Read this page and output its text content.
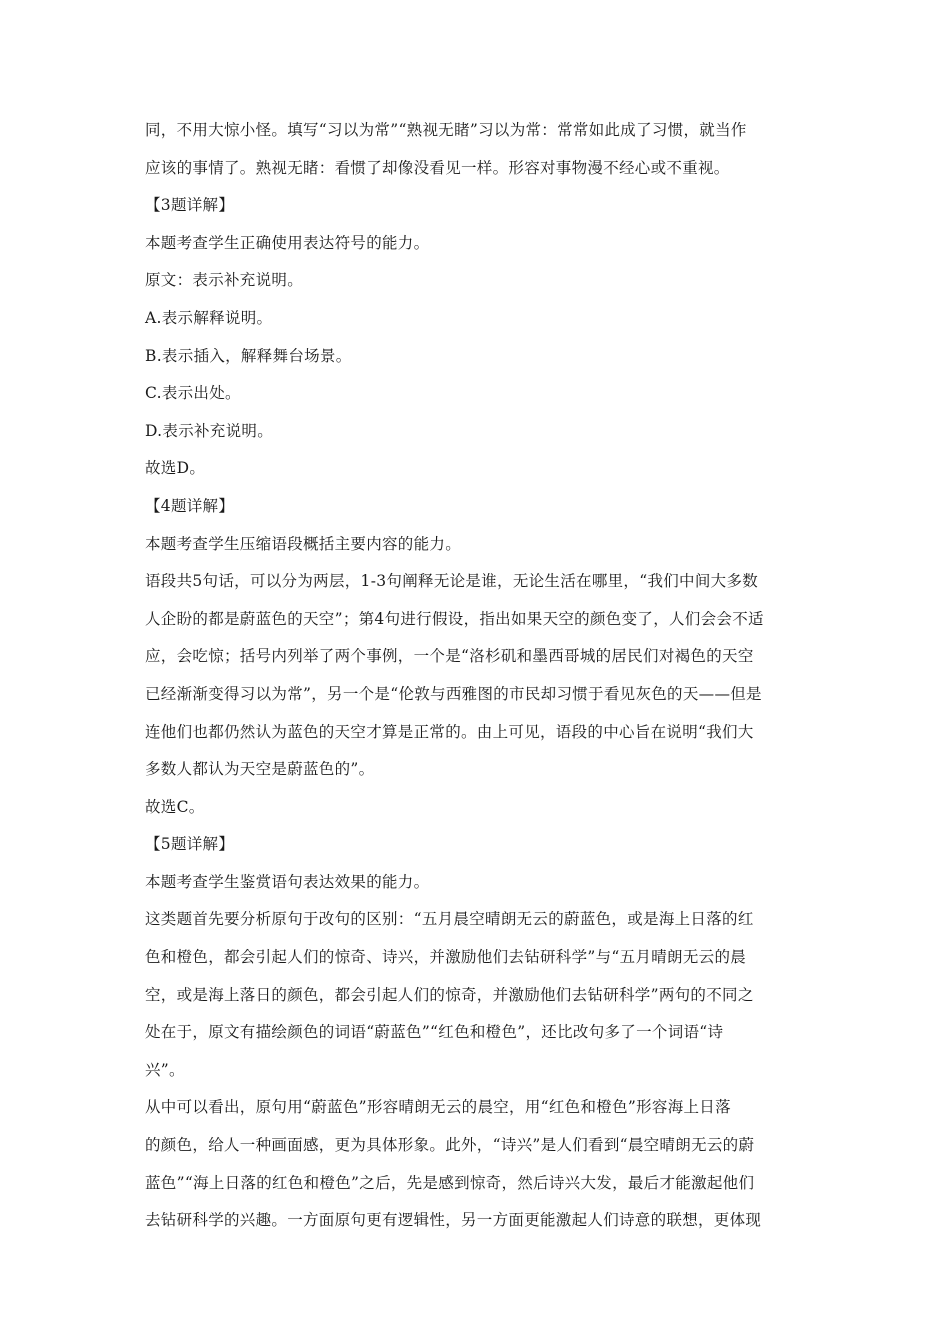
同，不用大惊小怪。填写“习以为常”“熟视无睹”习以为常：常常如此成了习惯，就当作
应该的事情了。熟视无睹：看惯了却像没看见一样。形容对事物漫不经心或不重视。
【3题详解】
本题考查学生正确使用表达符号的能力。
原文：表示补充说明。
A.表示解释说明。
B.表示插入，解释舞台场景。
C.表示出处。
D.表示补充说明。
故选D。
【4题详解】
本题考查学生压缩语段概括主要内容的能力。
语段共5句话，可以分为两层，1-3句阐释无论是谁，无论生活在哪里，“我们中间大多数
人企盼的都是蔚蓝色的天空”；第4句进行假设，指出如果天空的颜色变了，人们会会不适
应，会吃惊；括号内列举了两个事例，一个是“洛杉矶和墨西哥城的居民们对褐色的天空
已经渐渐变得习以为常”，另一个是“伦敦与西雅图的市民却习惯于看见灰色的天——但是
连他们也都仍然认为蓝色的天空才算是正常的。由上可见，语段的中心旨在说明“我们大
多数人都认为天空是蔚蓝色的”。
故选C。
【5题详解】
本题考查学生鉴赏语句表达效果的能力。
这类题首先要分析原句于改句的区别：“五月晨空晴朗无云的蔚蓝色，或是海上日落的红
色和橙色，都会引起人们的惊奇、诗兴，并激励他们去钻研科学”与“五月晴朗无云的晨
空，或是海上落日的颜色，都会引起人们的惊奇，并激励他们去钻研科学”两句的不同之
处在于，原文有描绘颜色的词语“蔚蓝色”“红色和橙色”，还比改句多了一个词语“诗
兴”。
从中可以看出，原句用“蔚蓝色”形容晴朗无云的晨空，用“红色和橙色”形容海上日落
的颜色，给人一种画面感，更为具体形象。此外，“诗兴”是人们看到“晨空晴朗无云的蔚
蓝色”“海上日落的红色和橙色”之后，先是感到惊奇，然后诗兴大发，最后才能激起他们
去钻研科学的兴趣。一方面原句更有逻辑性，另一方面更能激起人们诗意的联想，更体现
